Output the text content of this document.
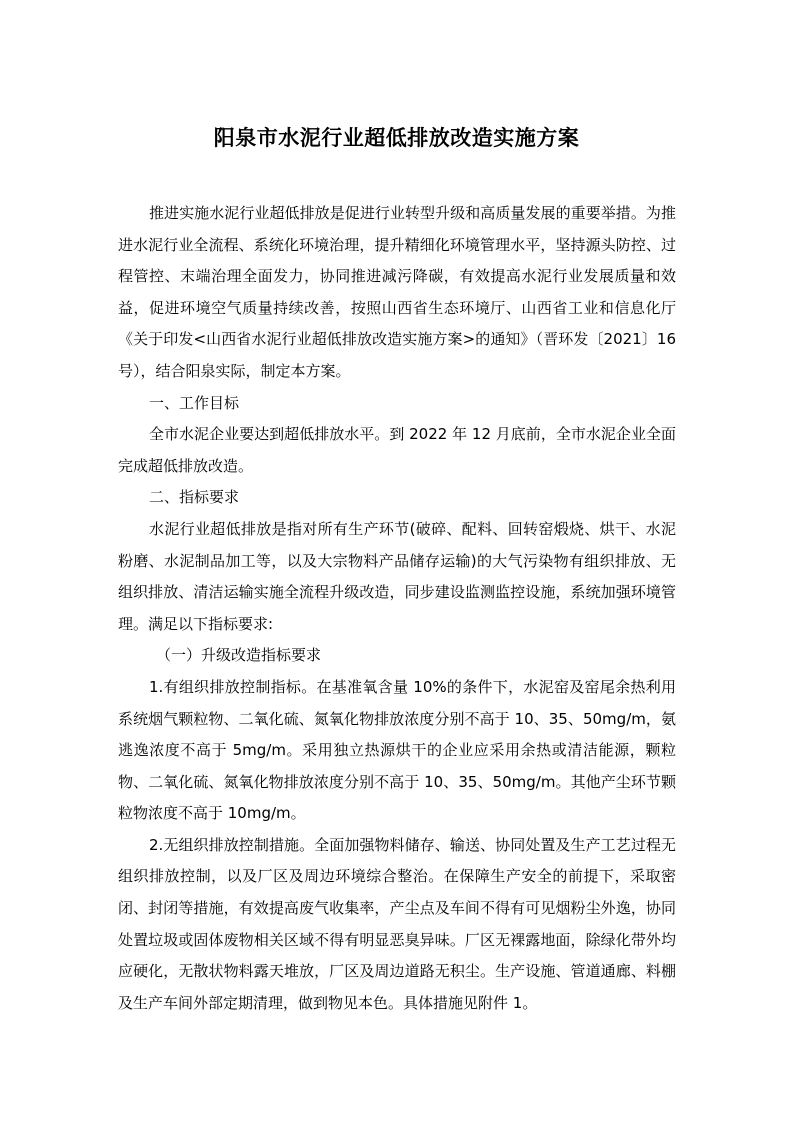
阳泉市水泥行业超低排放改造实施方案

推进实施水泥行业超低排放是促进行业转型升级和高质量发展的重要举措。为推进水泥行业全流程、系统化环境治理，提升精细化环境管理水平，坚持源头防控、过程管控、末端治理全面发力，协同推进减污降碳，有效提高水泥行业发展质量和效益，促进环境空气质量持续改善，按照山西省生态环境厅、山西省工业和信息化厅《关于印发<山西省水泥行业超低排放改造实施方案>的通知》（晋环发〔2021〕16号），结合阳泉实际，制定本方案。

一、工作目标

全市水泥企业要达到超低排放水平。到 2022 年 12 月底前，全市水泥企业全面完成超低排放改造。

二、指标要求

水泥行业超低排放是指对所有生产环节(破碎、配料、回转窑煅烧、烘干、水泥粉磨、水泥制品加工等，以及大宗物料产品储存运输)的大气污染物有组织排放、无组织排放、清洁运输实施全流程升级改造，同步建设监测监控设施，系统加强环境管理。满足以下指标要求:

（一）升级改造指标要求

1.有组织排放控制指标。在基准氧含量 10%的条件下，水泥窑及窑尾余热利用系统烟气颗粒物、二氧化硫、氮氧化物排放浓度分别不高于 10、35、50mg/m，氨逃逸浓度不高于 5mg/m。采用独立热源烘干的企业应采用余热或清洁能源，颗粒物、二氧化硫、氮氧化物排放浓度分别不高于 10、35、50mg/m。其他产尘环节颗粒物浓度不高于 10mg/m。

2.无组织排放控制措施。全面加强物料储存、输送、协同处置及生产工艺过程无组织排放控制，以及厂区及周边环境综合整治。在保障生产安全的前提下，采取密闭、封闭等措施，有效提高废气收集率，产尘点及车间不得有可见烟粉尘外逸，协同处置垃圾或固体废物相关区域不得有明显恶臭异味。厂区无裸露地面，除绿化带外均应硬化，无散状物料露天堆放，厂区及周边道路无积尘。生产设施、管道通廊、料棚及生产车间外部定期清理，做到物见本色。具体措施见附件 1。
